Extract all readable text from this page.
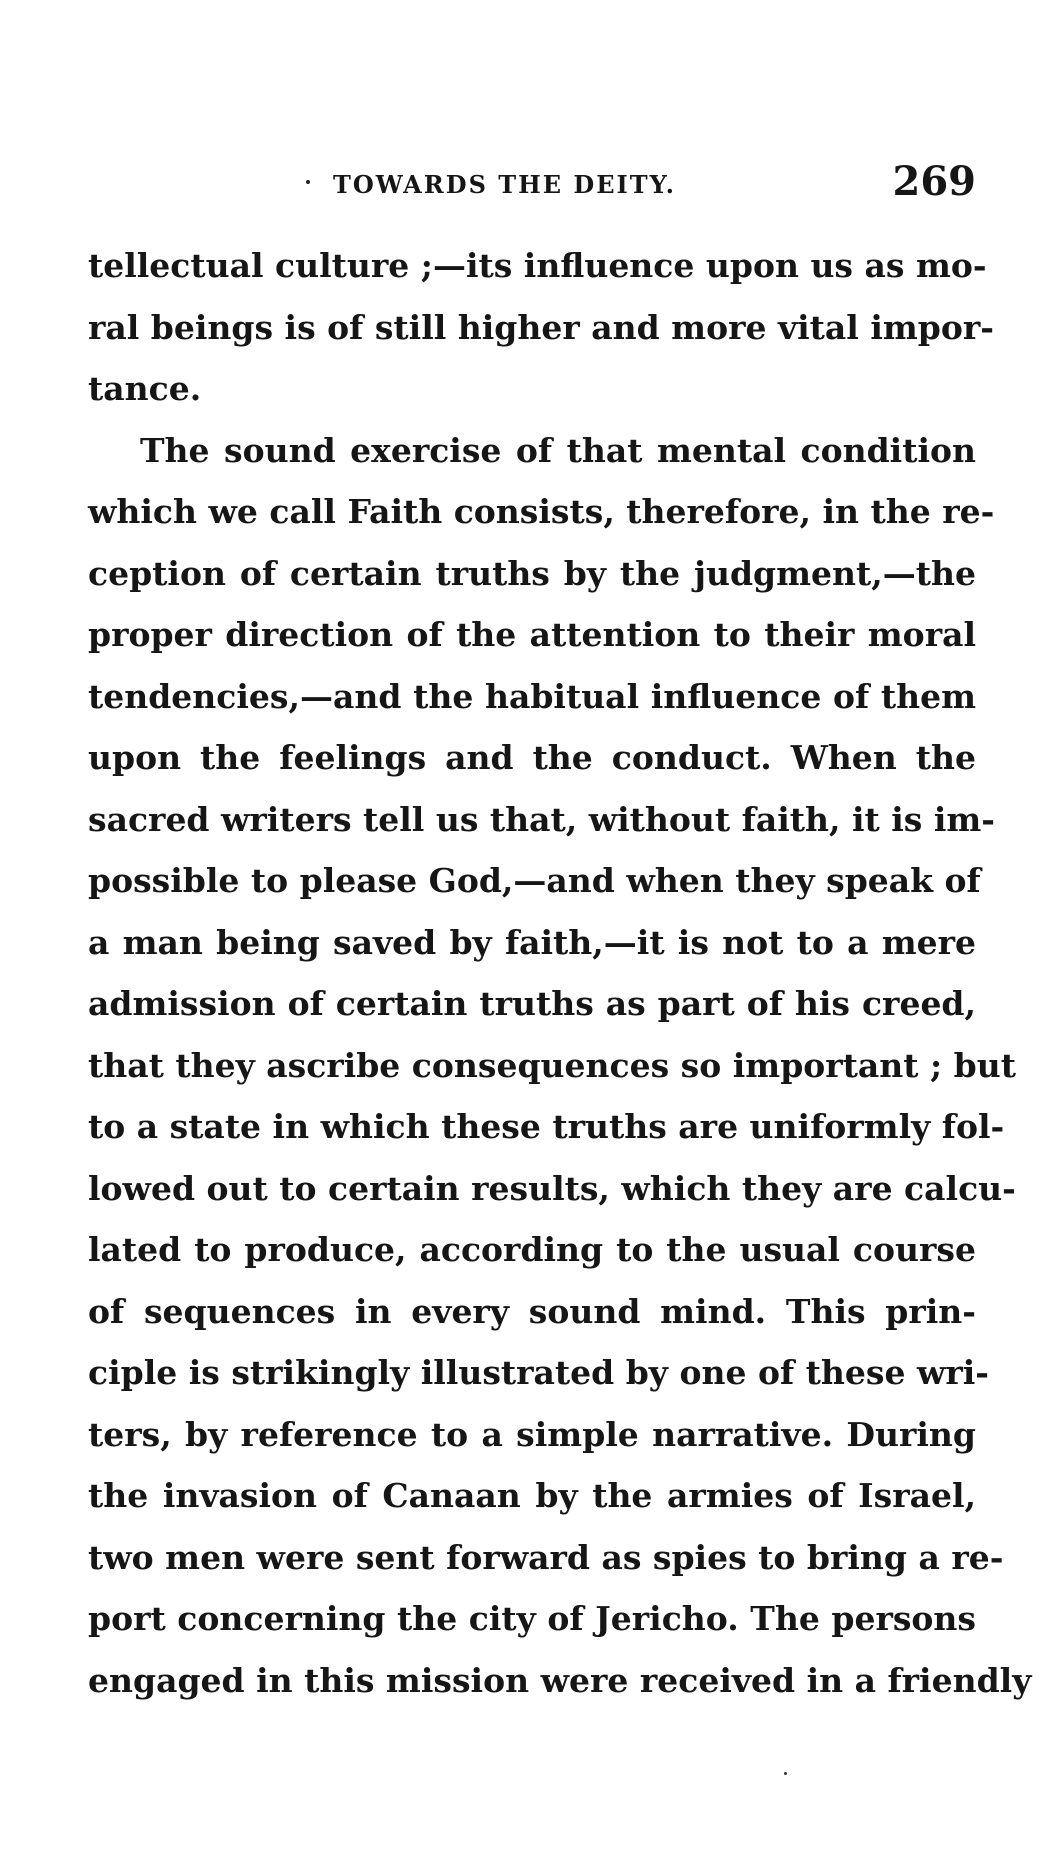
TOWARDS THE DEITY.	269
tellectual culture ;—its influence upon us as mo-
ral beings is of still higher and more vital impor-
tance.
The sound exercise of that mental condition
which we call Faith consists, therefore, in the re-
ception of certain truths by the judgment,—the
proper direction of the attention to their moral
tendencies,—and the habitual influence of them
upon the feelings and the conduct. When the
sacred writers tell us that, without faith, it is im-
possible to please God,—and when they speak of
a man being saved by faith,—it is not to a mere
admission of certain truths as part of his creed,
that they ascribe consequences so important ; but
to a state in which these truths are uniformly fol-
lowed out to certain results, which they are calcu-
lated to produce, according to the usual course
of sequences in every sound mind. This prin-
ciple is strikingly illustrated by one of these wri-
ters, by reference to a simple narrative. During
the invasion of Canaan by the armies of Israel,
two men were sent forward as spies to bring a re-
port concerning the city of Jericho. The persons
engaged in this mission were received in a friendly
